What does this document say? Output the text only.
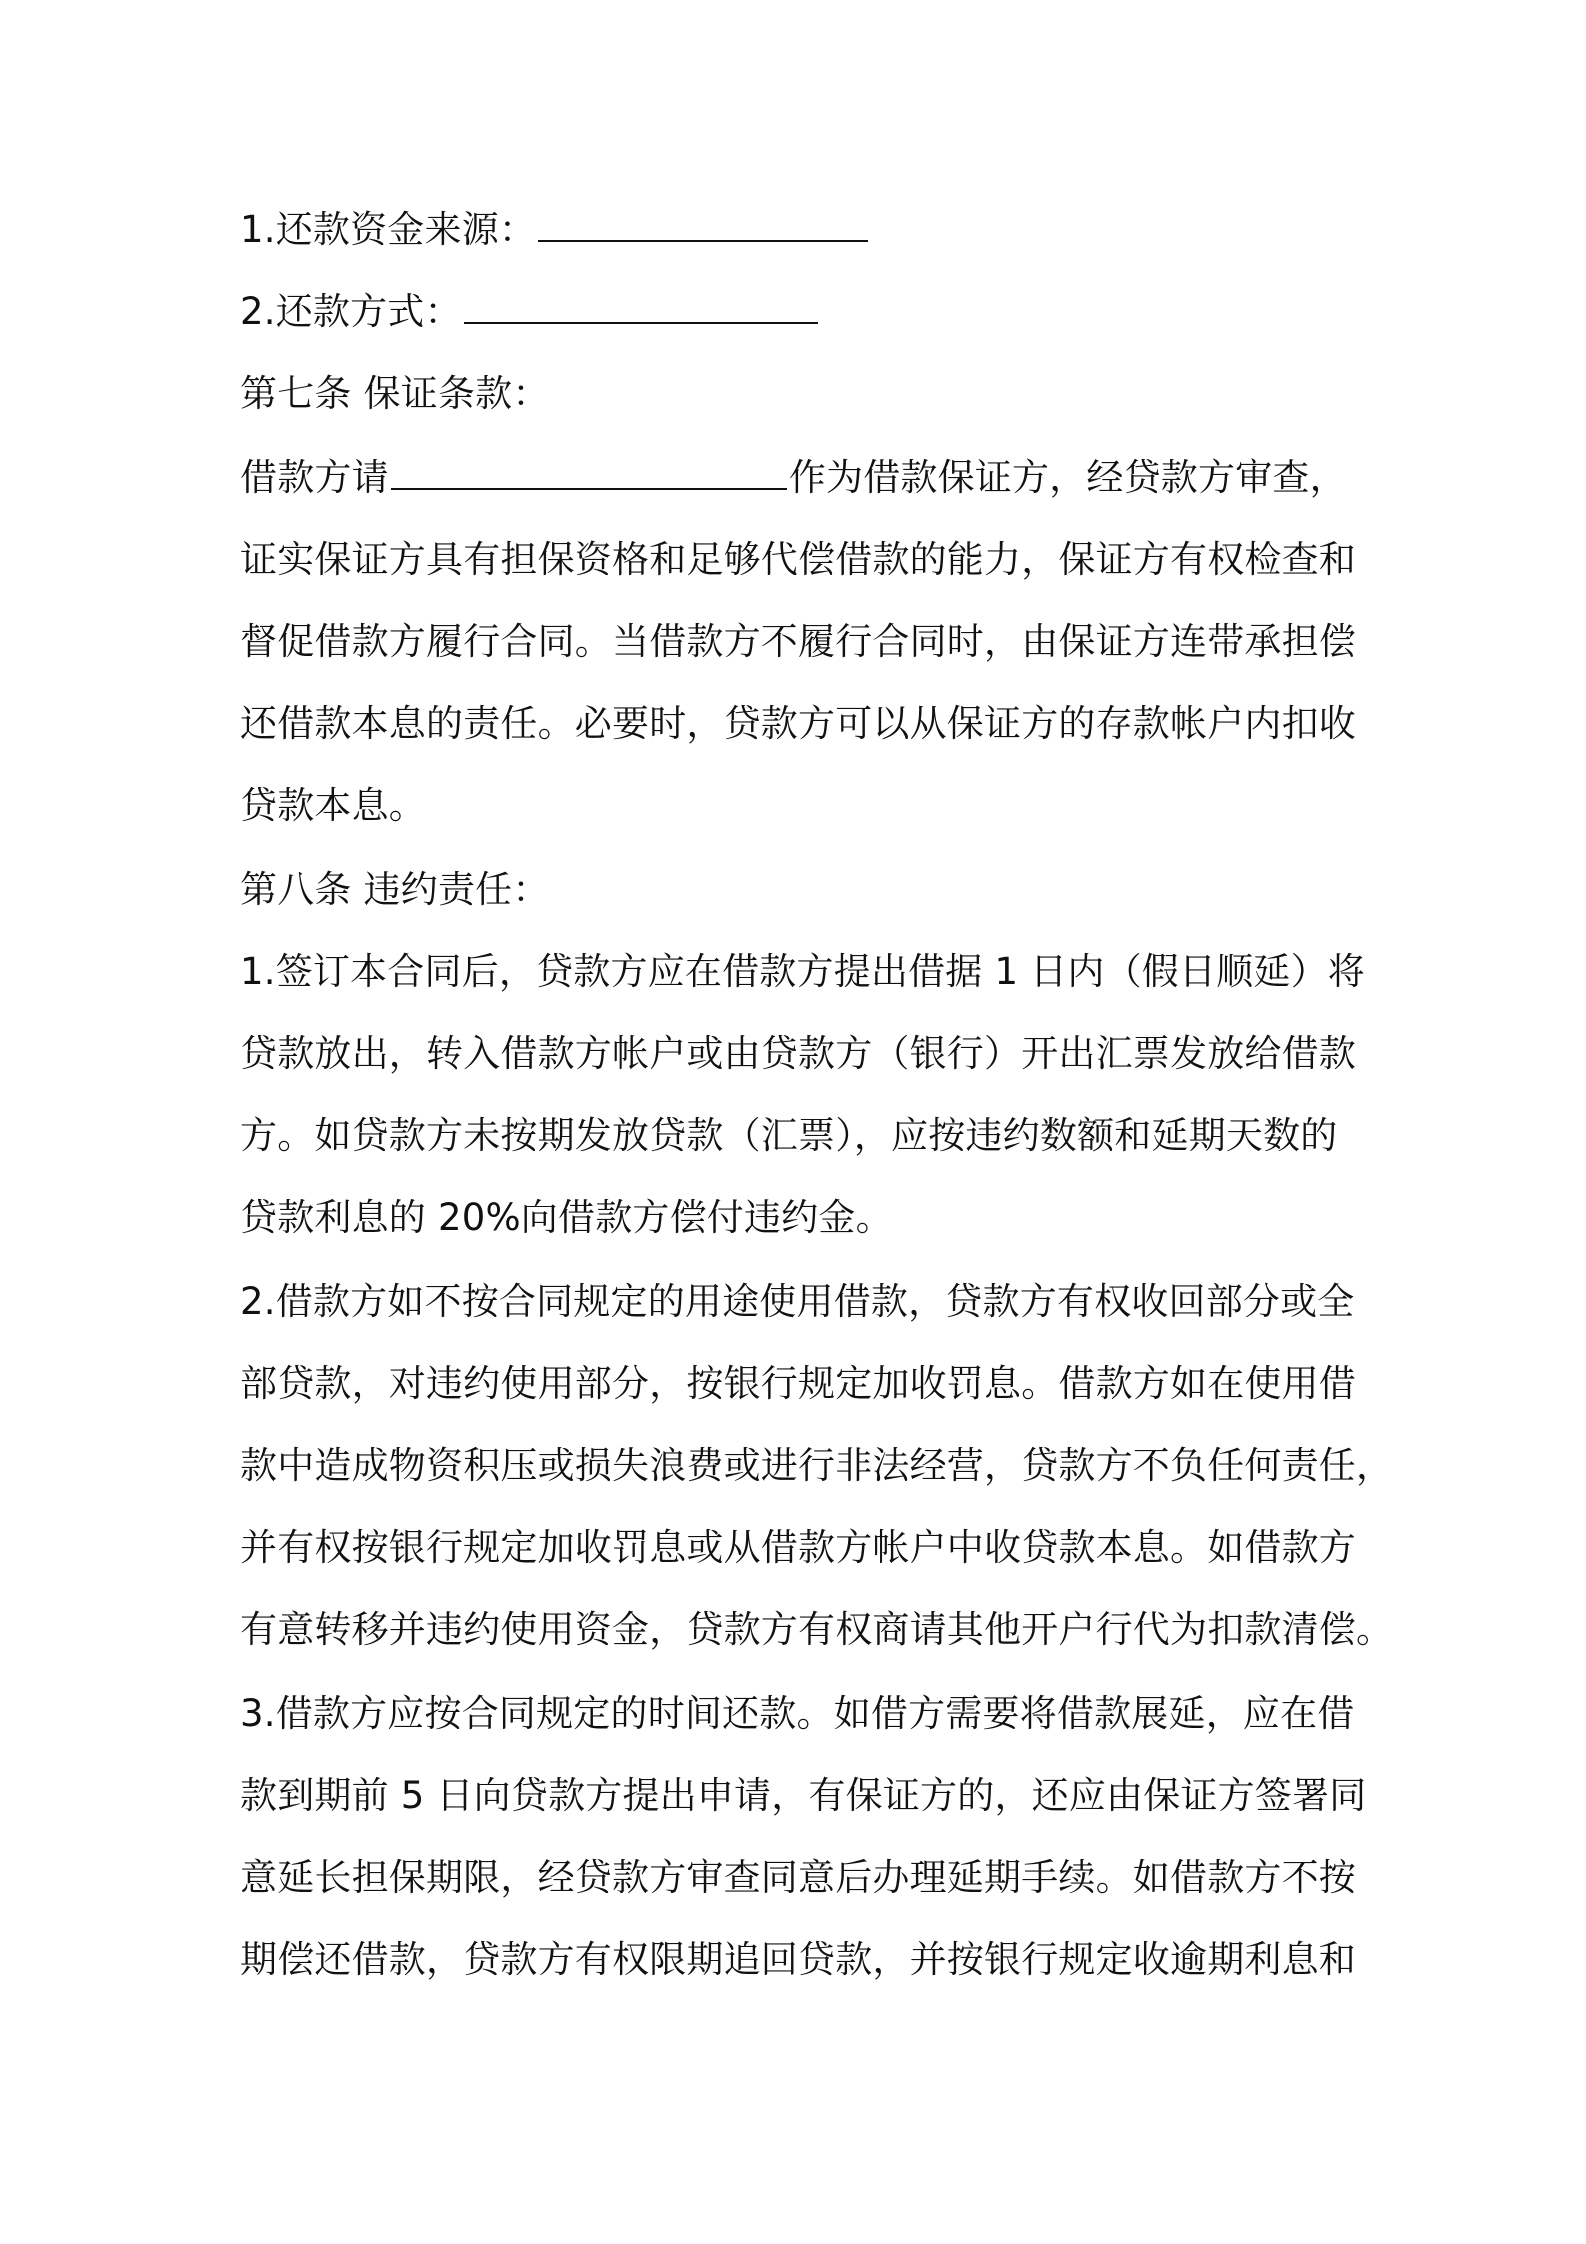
1.还款资金来源：
2.还款方式：
第七条 保证条款：
借款方请	作为借款保证方，经贷款方审查，
证实保证方具有担保资格和足够代偿借款的能力，保证方有权检查和
督促借款方履行合同。当借款方不履行合同时，由保证方连带承担偿
还借款本息的责任。必要时，贷款方可以从保证方的存款帐户内扣收
贷款本息。
第八条 违约责任：
1.签订本合同后，贷款方应在借款方提出借据 1 日内（假日顺延）将
贷款放出，转入借款方帐户或由贷款方（银行）开出汇票发放给借款
方。如贷款方未按期发放贷款（汇票），应按违约数额和延期天数的
贷款利息的 20%向借款方偿付违约金。
2.借款方如不按合同规定的用途使用借款，贷款方有权收回部分或全
部贷款，对违约使用部分，按银行规定加收罚息。借款方如在使用借
款中造成物资积压或损失浪费或进行非法经营，贷款方不负任何责任，
并有权按银行规定加收罚息或从借款方帐户中收贷款本息。如借款方
有意转移并违约使用资金，贷款方有权商请其他开户行代为扣款清偿。
3.借款方应按合同规定的时间还款。如借方需要将借款展延，应在借
款到期前 5 日向贷款方提出申请，有保证方的，还应由保证方签署同
意延长担保期限，经贷款方审查同意后办理延期手续。如借款方不按
期偿还借款，贷款方有权限期追回贷款，并按银行规定收逾期利息和
